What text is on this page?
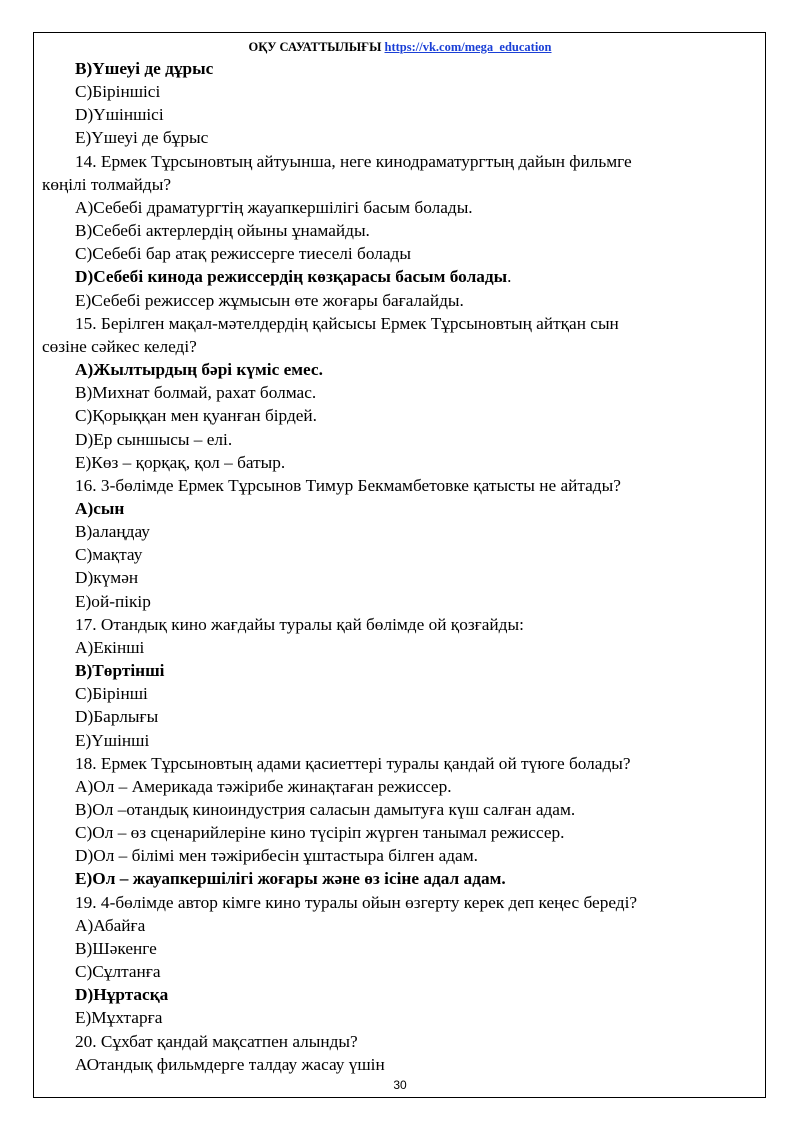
ОҚУ САУАТТЫЛЫҒЫ https://vk.com/mega_education
В)Үшеуі де дұрыс
С)Біріншісі
D)Үшіншісі
Е)Үшеуі де бұрыс
14. Ермек Тұрсыновтың айтуынша, неге кинодраматургтың дайын фильмге
көңілі толмайды?
А)Себебі драматургтің жауапкершілігі басым болады.
В)Себебі актерлердің ойыны ұнамайды.
С)Себебі бар атақ режиссерге тиеселі болады
D)Себебі кинода режиссердің көзқарасы басым болады.
Е)Себебі режиссер жұмысын өте жоғары бағалайды.
15. Берілген мақал-мәтелдердің қайсысы Ермек Тұрсыновтың айтқан сын
сөзіне сәйкес келеді?
А)Жылтырдың бәрі күміс емес.
В)Михнат болмай, рахат болмас.
С)Қорыққан мен қуанған бірдей.
D)Ер сыншысы – елі.
Е)Көз – қорқақ, қол – батыр.
16. 3-бөлімде Ермек Тұрсынов Тимур Бекмамбетовке қатысты не айтады?
А)сын
В)алаңдау
С)мақтау
D)күмән
Е)ой-пікір
17. Отандық кино жағдайы туралы қай бөлімде ой қозғайды:
А)Екінші
В)Төртінші
С)Бірінші
D)Барлығы
Е)Үшінші
18. Ермек Тұрсыновтың адами қасиеттері туралы қандай ой түюге болады?
А)Ол – Америкада тәжірибе жинақтаған режиссер.
В)Ол –отандық киноиндустрия саласын дамытуға күш салған адам.
С)Ол – өз сценарийлеріне кино түсіріп жүрген танымал режиссер.
D)Ол – білімі мен тәжірибесін ұштастыра білген адам.
Е)Ол – жауапкершілігі жоғары және өз ісіне адал адам.
19. 4-бөлімде автор кімге кино туралы ойын өзгерту керек деп кеңес береді?
А)Абайға
В)Шәкенге
С)Сұлтанға
D)Нұртасқа
Е)Мұхтарға
20. Сұхбат қандай мақсатпен алынды?
АОтандық фильмдерге талдау жасау үшін
30
